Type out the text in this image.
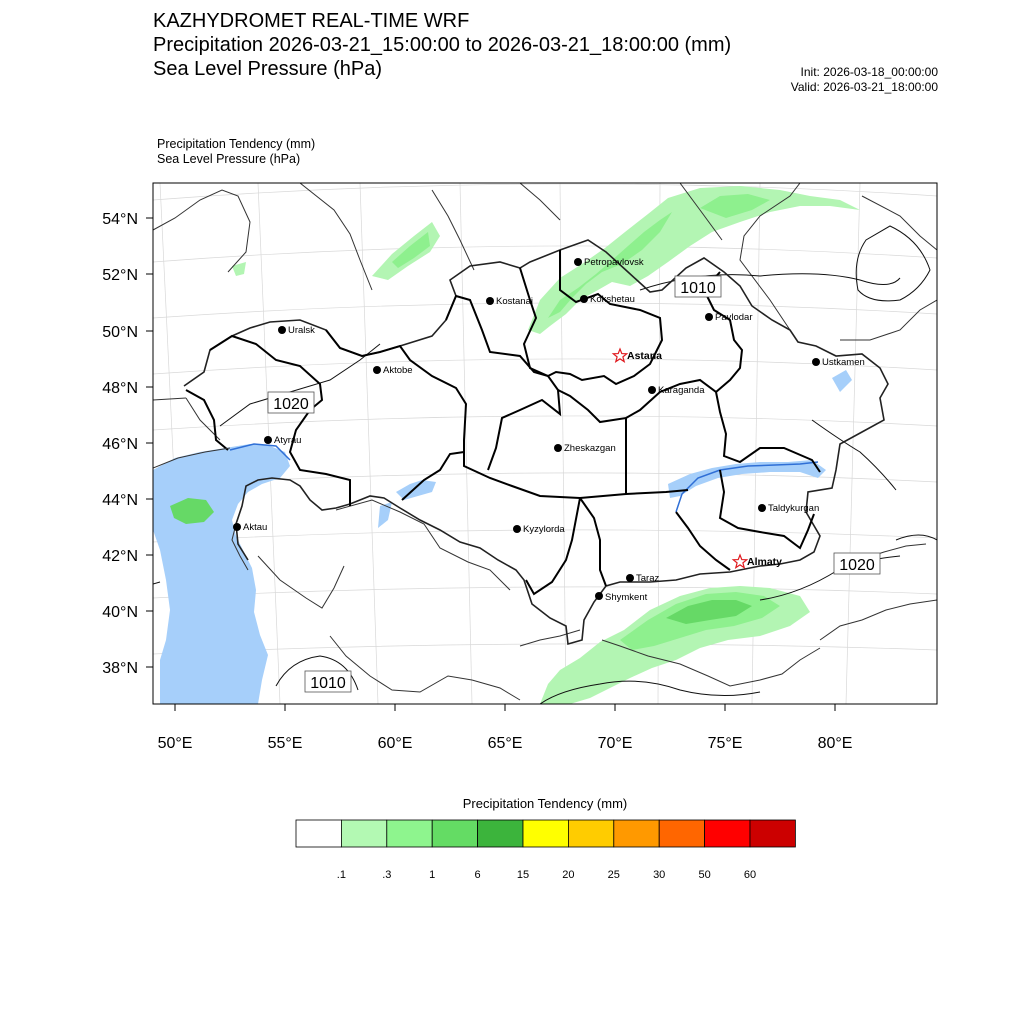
KAZHYDROMET REAL-TIME WRF
Precipitation 2026-03-21_15:00:00 to 2026-03-21_18:00:00 (mm)
Sea Level Pressure (hPa)	Init: 2026-03-18_00:00:00
Valid: 2026-03-21_18:00:00
Precipitation Tendency (mm)
Sea Level Pressure (hPa)
54°N
52°N
50°N
48°N
46°N
44°N
42°N
40°N
38°N
50°E	55°E	60°E	65°E	70°E	75°E	80°E
1010
1020
1020
1010
Petropavlovsk
Kostanai	Kokshetau
Pavlodar
Uralsk
Astana
Aktobe
Ustkamen
Karaganda
Atyrau
Zheskazgan
Taldykurgan
Kyzylorda
Aktau
Almaty
Taraz
Shymkent
.1	.3	1	6	15	20	25	30	50	60
Precipitation Tendency (mm)
